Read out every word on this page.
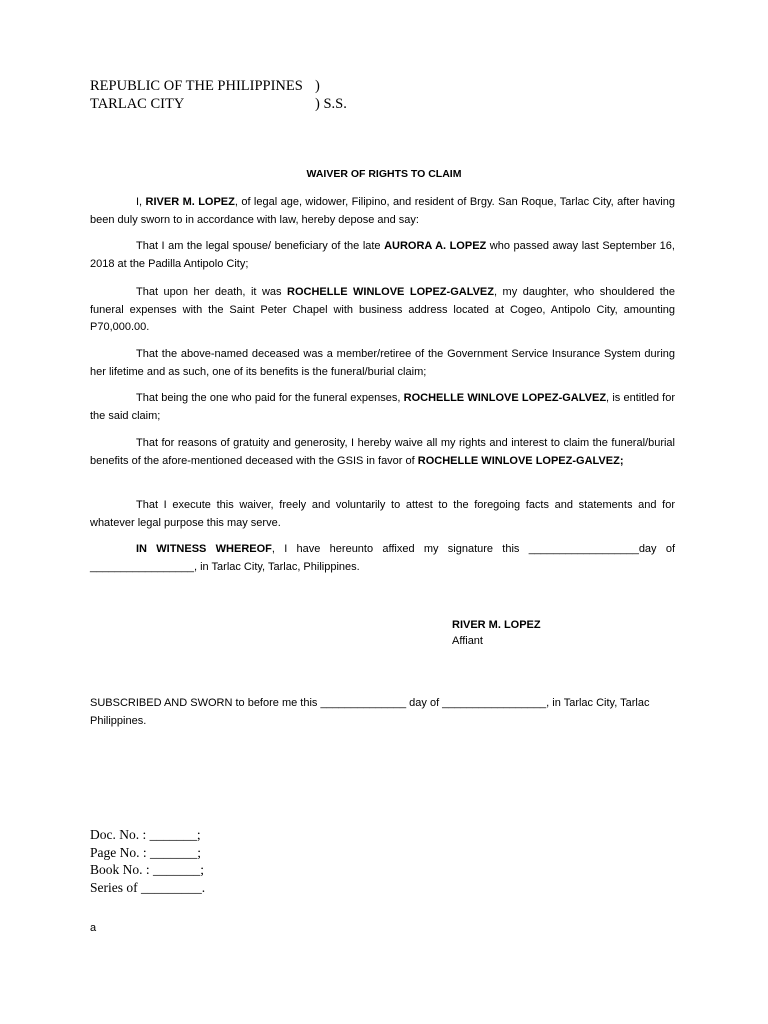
REPUBLIC OF THE PHILIPPINES )
TARLAC CITY	) S.S.
WAIVER OF RIGHTS TO CLAIM
I, RIVER M. LOPEZ, of legal age, widower, Filipino, and resident of Brgy. San Roque, Tarlac City, after having been duly sworn to in accordance with law, hereby depose and say:
That I am the legal spouse/ beneficiary of the late AURORA A. LOPEZ who passed away last September 16, 2018 at the Padilla Antipolo City;
That upon her death, it was ROCHELLE WINLOVE LOPEZ-GALVEZ, my daughter, who shouldered the funeral expenses with the Saint Peter Chapel with business address located at Cogeo, Antipolo City, amounting P70,000.00.
That the above-named deceased was a member/retiree of the Government Service Insurance System during her lifetime and as such, one of its benefits is the funeral/burial claim;
That being the one who paid for the funeral expenses, ROCHELLE WINLOVE LOPEZ-GALVEZ, is entitled for the said claim;
That for reasons of gratuity and generosity, I hereby waive all my rights and interest to claim the funeral/burial benefits of the afore-mentioned deceased with the GSIS in favor of ROCHELLE WINLOVE LOPEZ-GALVEZ;
That I execute this waiver, freely and voluntarily to attest to the foregoing facts and statements and for whatever legal purpose this may serve.
IN WITNESS WHEREOF, I have hereunto affixed my signature this __________________day of _________________, in Tarlac City, Tarlac, Philippines.
RIVER M. LOPEZ
Affiant
SUBSCRIBED AND SWORN to before me this ______________ day of _________________, in Tarlac City, Tarlac Philippines.
Doc. No. : _______;
Page No. : _______;
Book No. : _______;
Series of _________.
a
